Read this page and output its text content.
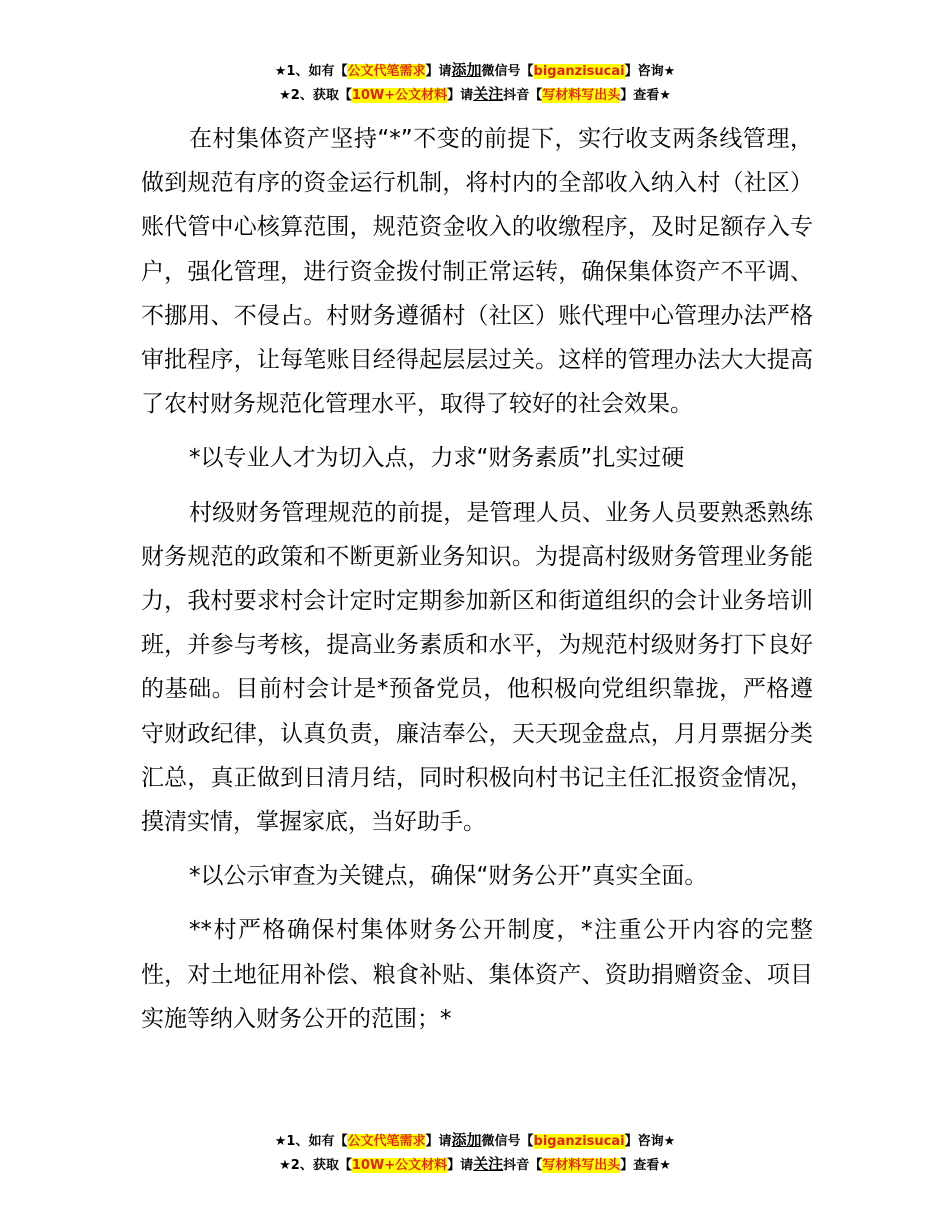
★1、如有【公文代笔需求】请添加微信号【biganzisucai】咨询★
★2、获取【10W+公文材料】请关注抖音【写材料写出头】查看★

在村集体资产坚持“*”不变的前提下，实行收支两条线管理，做到规范有序的资金运行机制，将村内的全部收入纳入村（社区）账代管中心核算范围，规范资金收入的收缴程序，及时足额存入专户，强化管理，进行资金拨付制正常运转，确保集体资产不平调、不挪用、不侵占。村财务遵循村（社区）账代理中心管理办法严格审批程序，让每笔账目经得起层层过关。这样的管理办法大大提高了农村财务规范化管理水平，取得了较好的社会效果。

*以专业人才为切入点，力求“财务素质”扎实过硬

村级财务管理规范的前提，是管理人员、业务人员要熟悉熟练财务规范的政策和不断更新业务知识。为提高村级财务管理业务能力，我村要求村会计定时定期参加新区和街道组织的会计业务培训班，并参与考核，提高业务素质和水平，为规范村级财务打下良好的基础。目前村会计是*预备党员，他积极向党组织靠拢，严格遵守财政纪律，认真负责，廉洁奉公，天天现金盘点，月月票据分类汇总，真正做到日清月结，同时积极向村书记主任汇报资金情况，摸清实情，掌握家底，当好助手。

*以公示审查为关键点，确保“财务公开”真实全面。

**村严格确保村集体财务公开制度，*注重公开内容的完整性，对土地征用补偿、粮食补贴、集体资产、资助捐赠资金、项目实施等纳入财务公开的范围；*

★1、如有【公文代笔需求】请添加微信号【biganzisucai】咨询★
★2、获取【10W+公文材料】请关注抖音【写材料写出头】查看★
